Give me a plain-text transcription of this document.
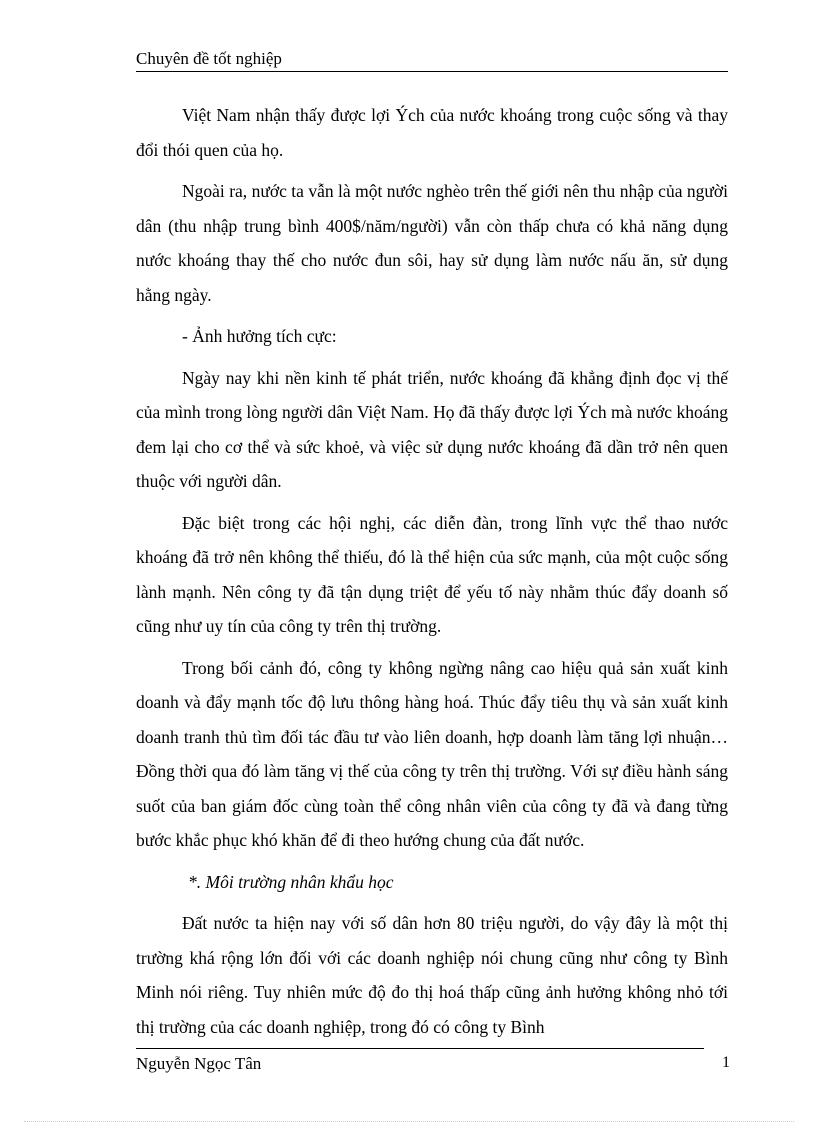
Chuyên đề tốt nghiệp

Việt Nam nhận thấy được lợi Ých của nước khoáng trong cuộc sống và thay đổi thói quen của họ.

Ngoài ra, nước ta vẫn là một nước nghèo trên thế giới nên thu nhập của người dân (thu nhập trung bình 400$/năm/người) vẫn còn thấp chưa có khả năng dụng nước khoáng thay thế cho nước đun sôi, hay sử dụng làm nước nấu ăn, sử dụng hằng ngày.

- Ảnh hưởng tích cực:

Ngày nay khi nền kinh tế phát triển, nước khoáng đã khẳng định đọc vị thế của mình trong lòng người dân Việt Nam. Họ đã thấy được lợi Ých mà nước khoáng đem lại cho cơ thể và sức khoẻ, và việc sử dụng nước khoáng đã dần trở nên quen thuộc với người dân.

Đặc biệt trong các hội nghị, các diễn đàn, trong lĩnh vực thể thao nước khoáng đã trở nên không thể thiếu, đó là thể hiện của sức mạnh, của một cuộc sống lành mạnh. Nên công ty đã tận dụng triệt để yếu tố này nhằm thúc đẩy doanh số cũng như uy tín của công ty trên thị trường.

Trong bối cảnh đó, công ty không ngừng nâng cao hiệu quả sản xuất kinh doanh và đẩy mạnh tốc độ lưu thông hàng hoá. Thúc đẩy tiêu thụ và sản xuất kinh doanh tranh thủ tìm đối tác đầu tư vào liên doanh, hợp doanh làm tăng lợi nhuận… Đồng thời qua đó làm tăng vị thế của công ty trên thị trường. Với sự điều hành sáng suốt của ban giám đốc cùng toàn thể công nhân viên của công ty đã và đang từng bước khắc phục khó khăn để đi theo hướng chung của đất nước.

*. Môi trường nhân khẩu học

Đất nước ta hiện nay với số dân hơn 80 triệu người, do vậy đây là một thị trường khá rộng lớn đối với các doanh nghiệp nói chung cũng như công ty Bình Minh nói riêng. Tuy nhiên mức độ đo thị hoá thấp cũng ảnh hưởng không nhỏ tới thị trường của các doanh nghiệp, trong đó có công ty Bình

Nguyễn Ngọc Tân	1
